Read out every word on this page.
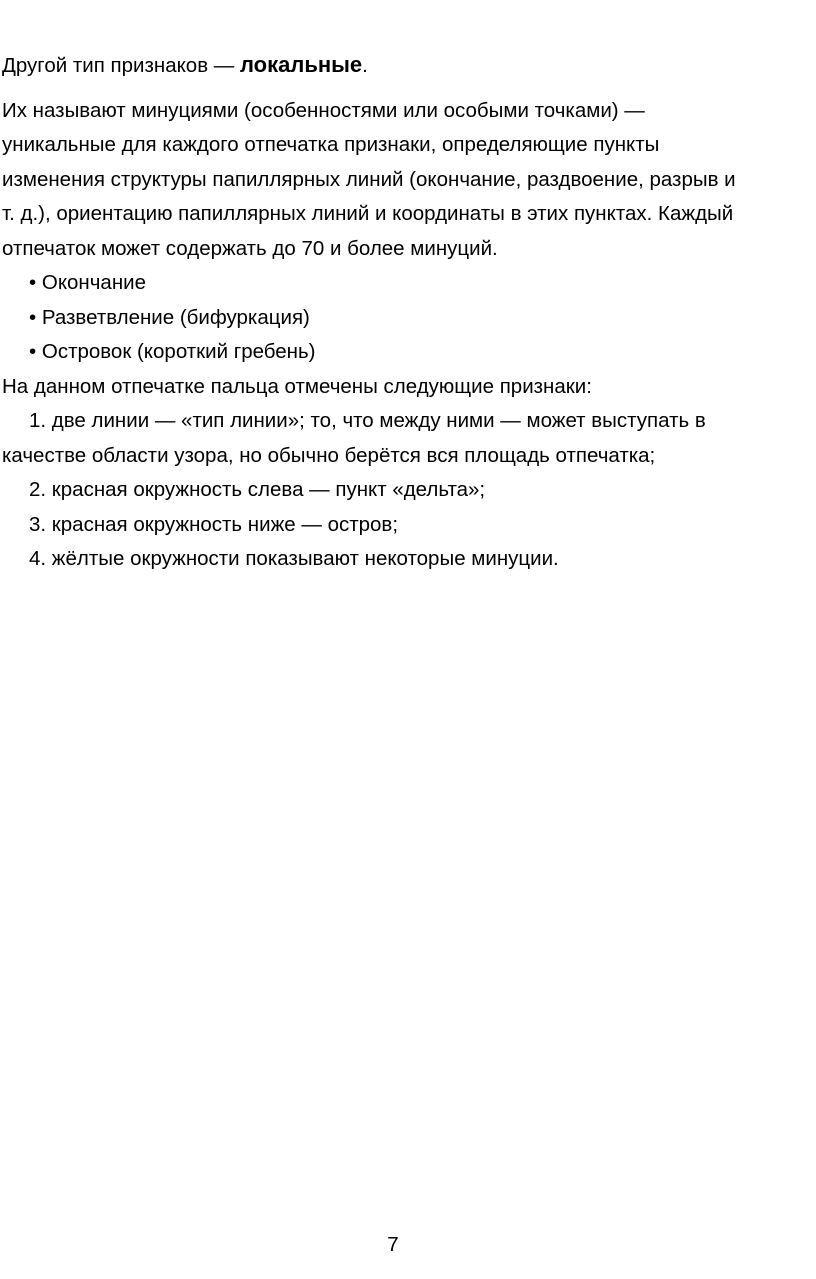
Другой тип признаков — локальные.

Их называют минуциями (особенностями или особыми точками) —

уникальные для каждого отпечатка признаки, определяющие пункты

изменения структуры папиллярных линий (окончание, раздвоение, разрыв и

т. д.), ориентацию папиллярных линий и координаты в этих пунктах. Каждый

отпечаток может содержать до 70 и более минуций.

• Окончание

• Разветвление (бифуркация)

• Островок (короткий гребень)

На данном отпечатке пальца отмечены следующие признаки:

1. две линии — «тип линии»; то, что между ними — может выступать в

качестве области узора, но обычно берётся вся площадь отпечатка;

2. красная окружность слева — пункт «дельта»;

3. красная окружность ниже — остров;

4. жёлтые окружности показывают некоторые минуции.

7
